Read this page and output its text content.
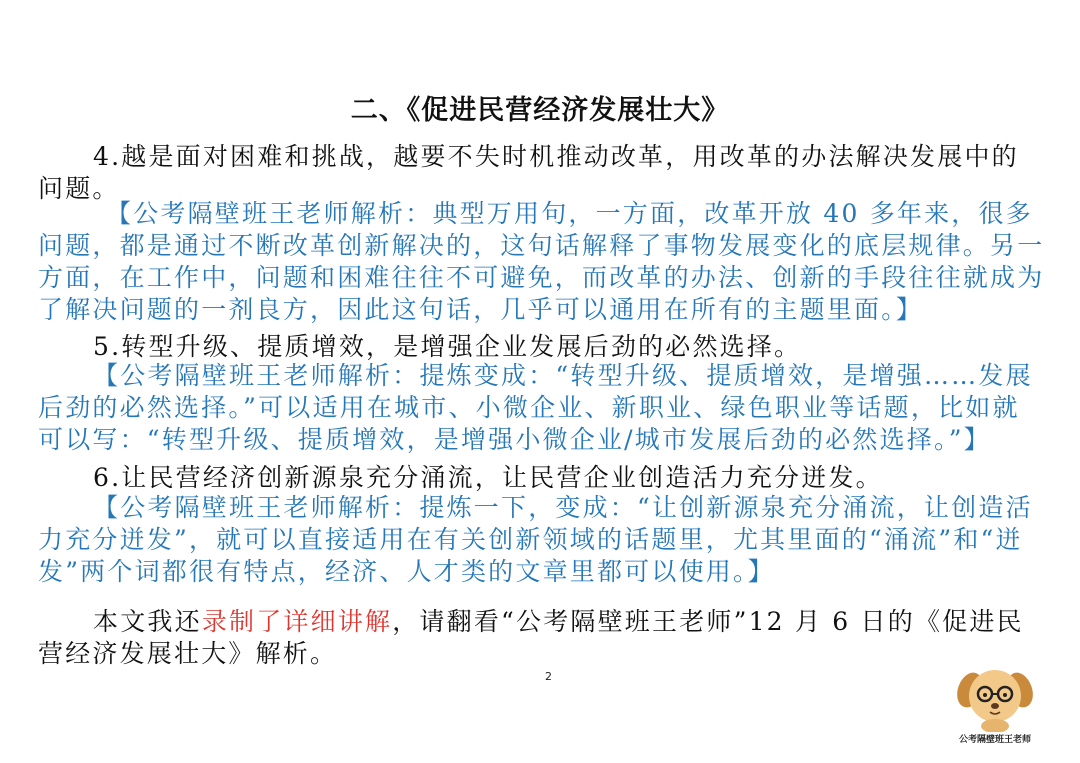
二、《促进民营经济发展壮大》

4.越是面对困难和挑战，越要不失时机推动改革，用改革的办法解决发展中的问题。

【公考隔壁班王老师解析：典型万用句，一方面，改革开放 40 多年来，很多问题，都是通过不断改革创新解决的，这句话解释了事物发展变化的底层规律。另一方面，在工作中，问题和困难往往不可避免，而改革的办法、创新的手段往往就成为了解决问题的一剂良方，因此这句话，几乎可以通用在所有的主题里面。】

5.转型升级、提质增效，是增强企业发展后劲的必然选择。

【公考隔壁班王老师解析：提炼变成：“转型升级、提质增效，是增强……发展后劲的必然选择。”可以适用在城市、小微企业、新职业、绿色职业等话题，比如就可以写：“转型升级、提质增效，是增强小微企业/城市发展后劲的必然选择。”】

6.让民营经济创新源泉充分涌流，让民营企业创造活力充分迸发。

【公考隔壁班王老师解析：提炼一下，变成：“让创新源泉充分涌流，让创造活力充分迸发”，就可以直接适用在有关创新领域的话题里，尤其里面的“涌流”和“迸发”两个词都很有特点，经济、人才类的文章里都可以使用。】

本文我还录制了详细讲解，请翻看“公考隔壁班王老师”12 月 6 日的《促进民营经济发展壮大》解析。

2
公考隔壁班王老师
